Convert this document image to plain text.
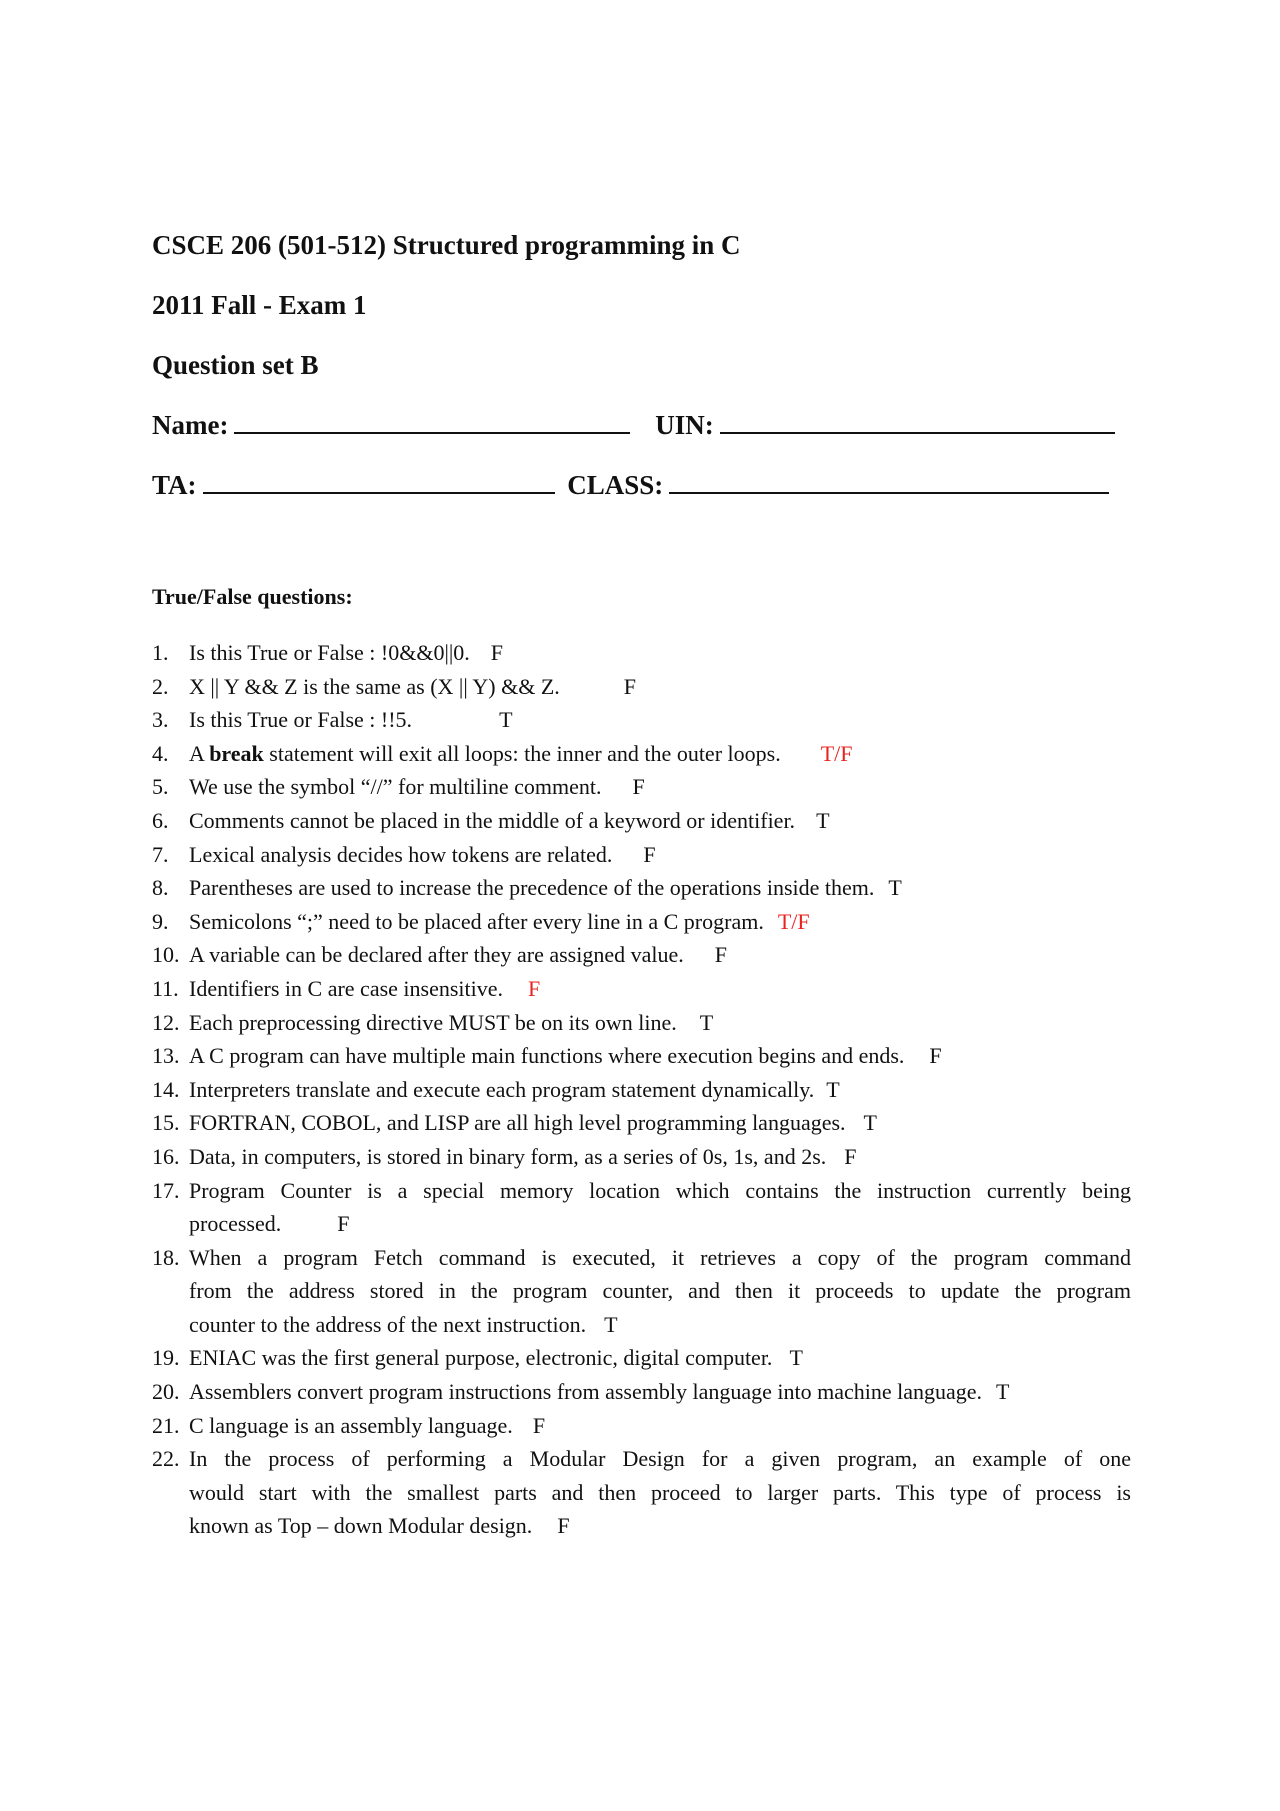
CSCE 206 (501-512) Structured programming in C
2011 Fall - Exam 1
Question set B
Name:	UIN:
TA:	CLASS:
True/False questions:
1. Is this True or False : !0&&0||0. F
2. X || Y && Z is the same as (X || Y) && Z.	F
3. Is this True or False : !!5.	T
4. A break statement will exit all loops: the inner and the outer loops. T/F
5. We use the symbol “//” for multiline comment. F
6. Comments cannot be placed in the middle of a keyword or identifier. T
7. Lexical analysis decides how tokens are related. F
8. Parentheses are used to increase the precedence of the operations inside them. T
9. Semicolons “;” need to be placed after every line in a C program. T/F
10. A variable can be declared after they are assigned value. F
11. Identifiers in C are case insensitive. F
12. Each preprocessing directive MUST be on its own line. T
13. A C program can have multiple main functions where execution begins and ends. F
14. Interpreters translate and execute each program statement dynamically. T
15. FORTRAN, COBOL, and LISP are all high level programming languages. T
16. Data, in computers, is stored in binary form, as a series of 0s, 1s, and 2s. F
17. Program Counter is a special memory location which contains the instruction currently being
processed.	F
18. When a program Fetch command is executed, it retrieves a copy of the program command
from the address stored in the program counter, and then it proceeds to update the program
counter to the address of the next instruction. T
19. ENIAC was the first general purpose, electronic, digital computer. T
20. Assemblers convert program instructions from assembly language into machine language. T
21. C language is an assembly language. F
22. In the process of performing a Modular Design for a given program, an example of one
would start with the smallest parts and then proceed to larger parts. This type of process is
known as Top – down Modular design. F
